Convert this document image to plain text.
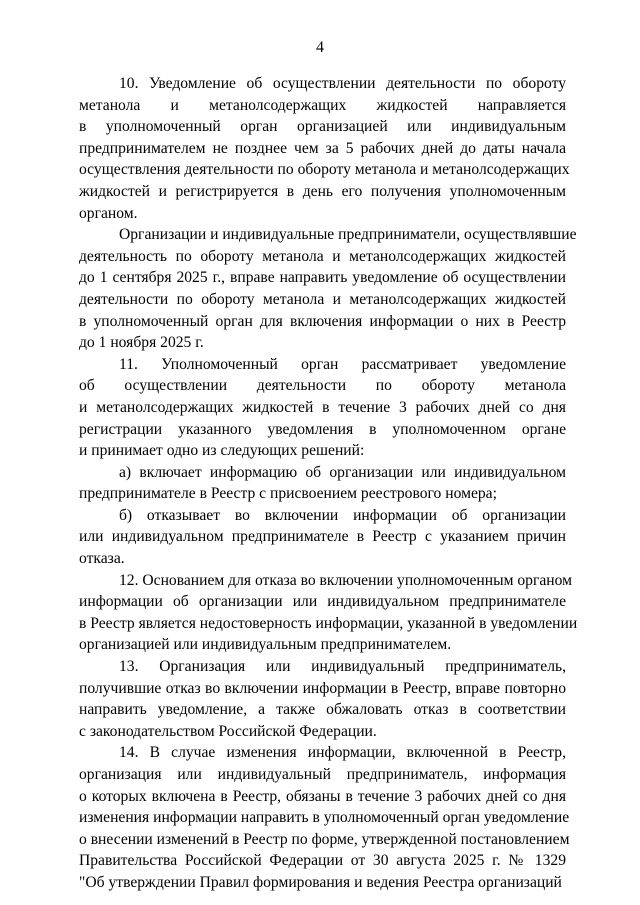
4
10. Уведомление об осуществлении деятельности по обороту
метанола и метанолсодержащих жидкостей направляется
в уполномоченный орган организацией или индивидуальным
предпринимателем не позднее чем за 5 рабочих дней до даты начала
осуществления деятельности по обороту метанола и метанолсодержащих
жидкостей и регистрируется в день его получения уполномоченным
органом.
Организации и индивидуальные предприниматели, осуществлявшие
деятельность по обороту метанола и метанолсодержащих жидкостей
до 1 сентября 2025 г., вправе направить уведомление об осуществлении
деятельности по обороту метанола и метанолсодержащих жидкостей
в уполномоченный орган для включения информации о них в Реестр
до 1 ноября 2025 г.
11. Уполномоченный орган рассматривает уведомление
об осуществлении деятельности по обороту метанола
и метанолсодержащих жидкостей в течение 3 рабочих дней со дня
регистрации указанного уведомления в уполномоченном органе
и принимает одно из следующих решений:
а) включает информацию об организации или индивидуальном
предпринимателе в Реестр с присвоением реестрового номера;
б) отказывает во включении информации об организации
или индивидуальном предпринимателе в Реестр с указанием причин
отказа.
12. Основанием для отказа во включении уполномоченным органом
информации об организации или индивидуальном предпринимателе
в Реестр является недостоверность информации, указанной в уведомлении
организацией или индивидуальным предпринимателем.
13. Организация или индивидуальный предприниматель,
получившие отказ во включении информации в Реестр, вправе повторно
направить уведомление, а также обжаловать отказ в соответствии
с законодательством Российской Федерации.
14. В случае изменения информации, включенной в Реестр,
организация или индивидуальный предприниматель, информация
о которых включена в Реестр, обязаны в течение 3 рабочих дней со дня
изменения информации направить в уполномоченный орган уведомление
о внесении изменений в Реестр по форме, утвержденной постановлением
Правительства Российской Федерации от 30 августа 2025 г. № 1329
"Об утверждении Правил формирования и ведения Реестра организаций
